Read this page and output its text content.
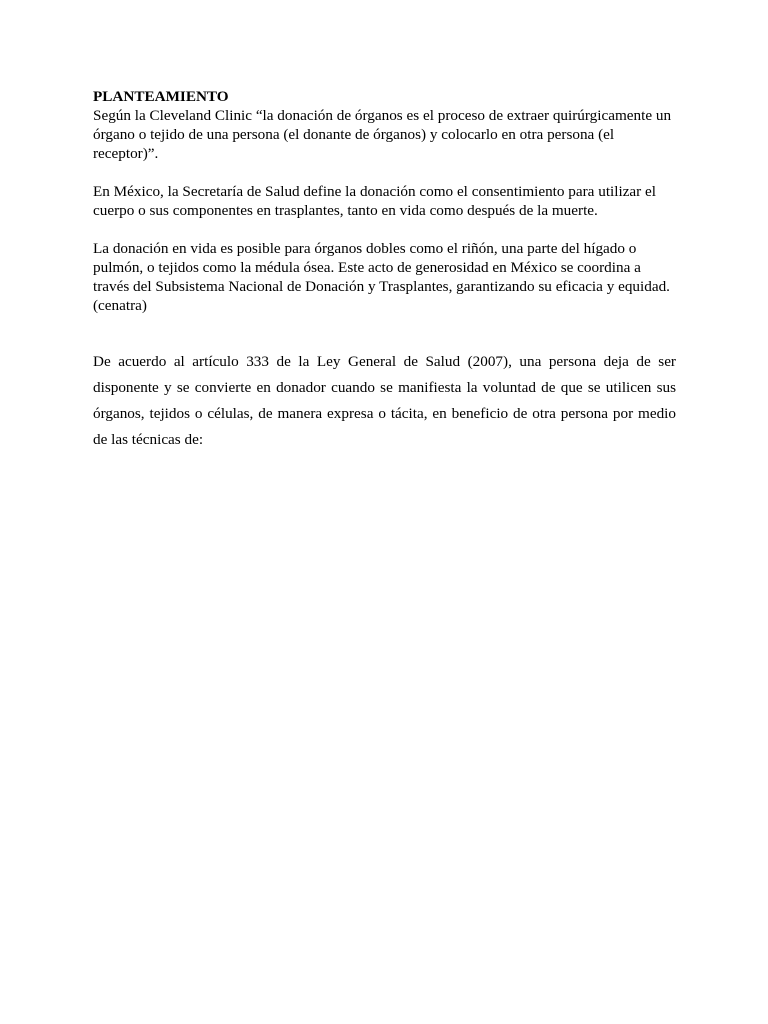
PLANTEAMIENTO
Según la Cleveland Clinic “la donación de órganos es el proceso de extraer quirúrgicamente un órgano o tejido de una persona (el donante de órganos) y colocarlo en otra persona (el receptor)”.

En México, la Secretaría de Salud define la donación como el consentimiento para utilizar el cuerpo o sus componentes en trasplantes, tanto en vida como después de la muerte.

La donación en vida es posible para órganos dobles como el riñón, una parte del hígado o pulmón, o tejidos como la médula ósea. Este acto de generosidad en México se coordina a través del Subsistema Nacional de Donación y Trasplantes, garantizando su eficacia y equidad.

(cenatra)

De acuerdo al artículo 333 de la Ley General de Salud (2007), una persona deja de ser disponente y se convierte en donador cuando se manifiesta la voluntad de que se utilicen sus órganos, tejidos o células, de manera expresa o tácita, en beneficio de otra persona por medio de las técnicas de:
